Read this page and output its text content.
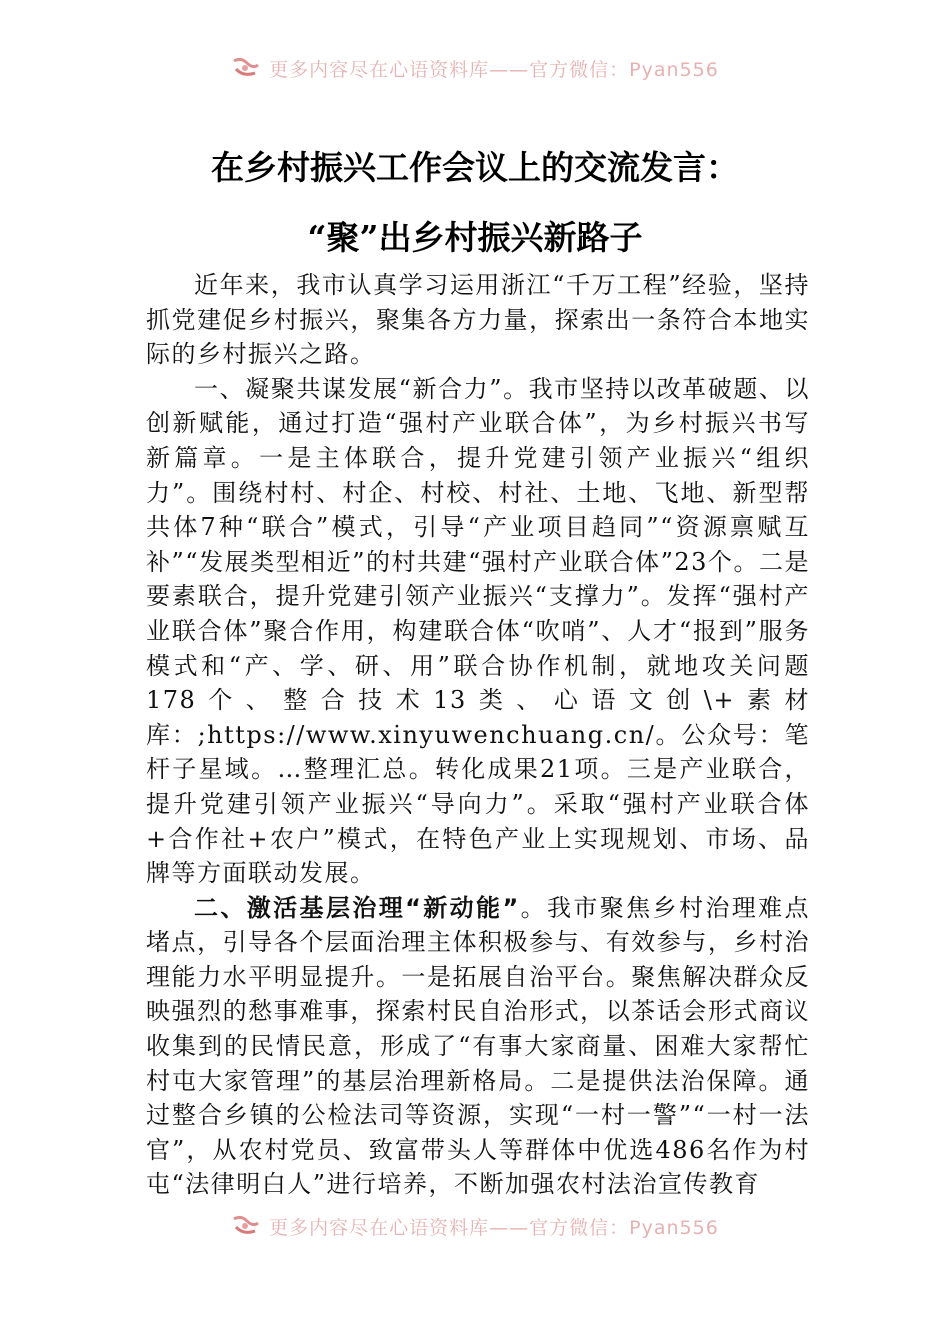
更多内容尽在心语资料库——官方微信：Pyan556
在乡村振兴工作会议上的交流发言：
“聚”出乡村振兴新路子

近年来，我市认真学习运用浙江“千万工程”经验，坚持抓党建促乡村振兴，聚集各方力量，探索出一条符合本地实际的乡村振兴之路。

一、凝聚共谋发展“新合力”。我市坚持以改革破题、以创新赋能，通过打造“强村产业联合体”，为乡村振兴书写新篇章。一是主体联合，提升党建引领产业振兴“组织力”。围绕村村、村企、村校、村社、土地、飞地、新型帮共体7种“联合”模式，引导“产业项目趋同”“资源禀赋互补”“发展类型相近”的村共建“强村产业联合体”23个。二是要素联合，提升党建引领产业振兴“支撑力”。发挥“强村产业联合体”聚合作用，构建联合体“吹哨”、人才“报到”服务模式和“产、学、研、用”联合协作机制，就地攻关问题178个、整合技术13类、心语文创\+素材库：;https://www.xinyuwenchuang.cn/。公众号：笔杆子星域。…整理汇总。转化成果21项。三是产业联合，提升党建引领产业振兴“导向力”。采取“强村产业联合体+合作社+农户”模式，在特色产业上实现规划、市场、品牌等方面联动发展。

二、激活基层治理“新动能”。我市聚焦乡村治理难点堵点，引导各个层面治理主体积极参与、有效参与，乡村治理能力水平明显提升。一是拓展自治平台。聚焦解决群众反映强烈的愁事难事，探索村民自治形式，以茶话会形式商议收集到的民情民意，形成了“有事大家商量、困难大家帮忙村屯大家管理”的基层治理新格局。二是提供法治保障。通过整合乡镇的公检法司等资源，实现“一村一警”“一村一法官”，从农村党员、致富带头人等群体中优选486名作为村屯“法律明白人”进行培养，不断加强农村法治宣传教育

更多内容尽在心语资料库——官方微信：Pyan556
